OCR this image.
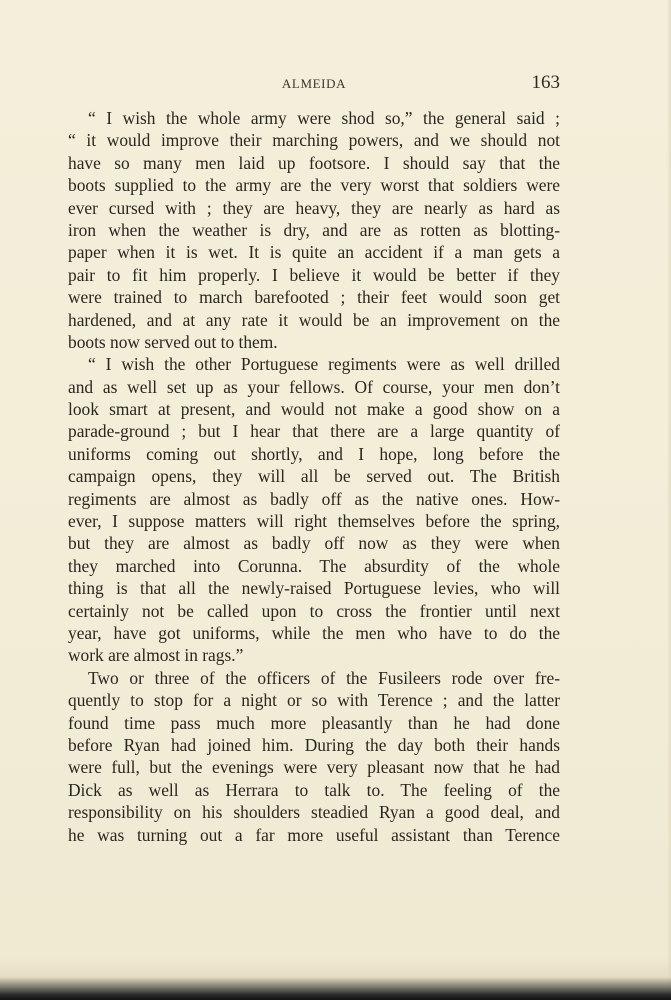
ALMEIDA	163
“ I wish the whole army were shod so,” the general said ;
“ it would improve their marching powers, and we should not
have so many men laid up footsore. I should say that the
boots supplied to the army are the very worst that soldiers were
ever cursed with ; they are heavy, they are nearly as hard as
iron when the weather is dry, and are as rotten as blotting-
paper when it is wet. It is quite an accident if a man gets a
pair to fit him properly. I believe it would be better if they
were trained to march barefooted ; their feet would soon get
hardened, and at any rate it would be an improvement on the
boots now served out to them.
“ I wish the other Portuguese regiments were as well drilled
and as well set up as your fellows. Of course, your men don’t
look smart at present, and would not make a good show on a
parade-ground ; but I hear that there are a large quantity of
uniforms coming out shortly, and I hope, long before the
campaign opens, they will all be served out. The British
regiments are almost as badly off as the native ones. How-
ever, I suppose matters will right themselves before the spring,
but they are almost as badly off now as they were when
they marched into Corunna. The absurdity of the whole
thing is that all the newly-raised Portuguese levies, who will
certainly not be called upon to cross the frontier until next
year, have got uniforms, while the men who have to do the
work are almost in rags.”
Two or three of the officers of the Fusileers rode over fre-
quently to stop for a night or so with Terence ; and the latter
found time pass much more pleasantly than he had done
before Ryan had joined him. During the day both their hands
were full, but the evenings were very pleasant now that he had
Dick as well as Herrara to talk to. The feeling of the
responsibility on his shoulders steadied Ryan a good deal, and
he was turning out a far more useful assistant than Terence
